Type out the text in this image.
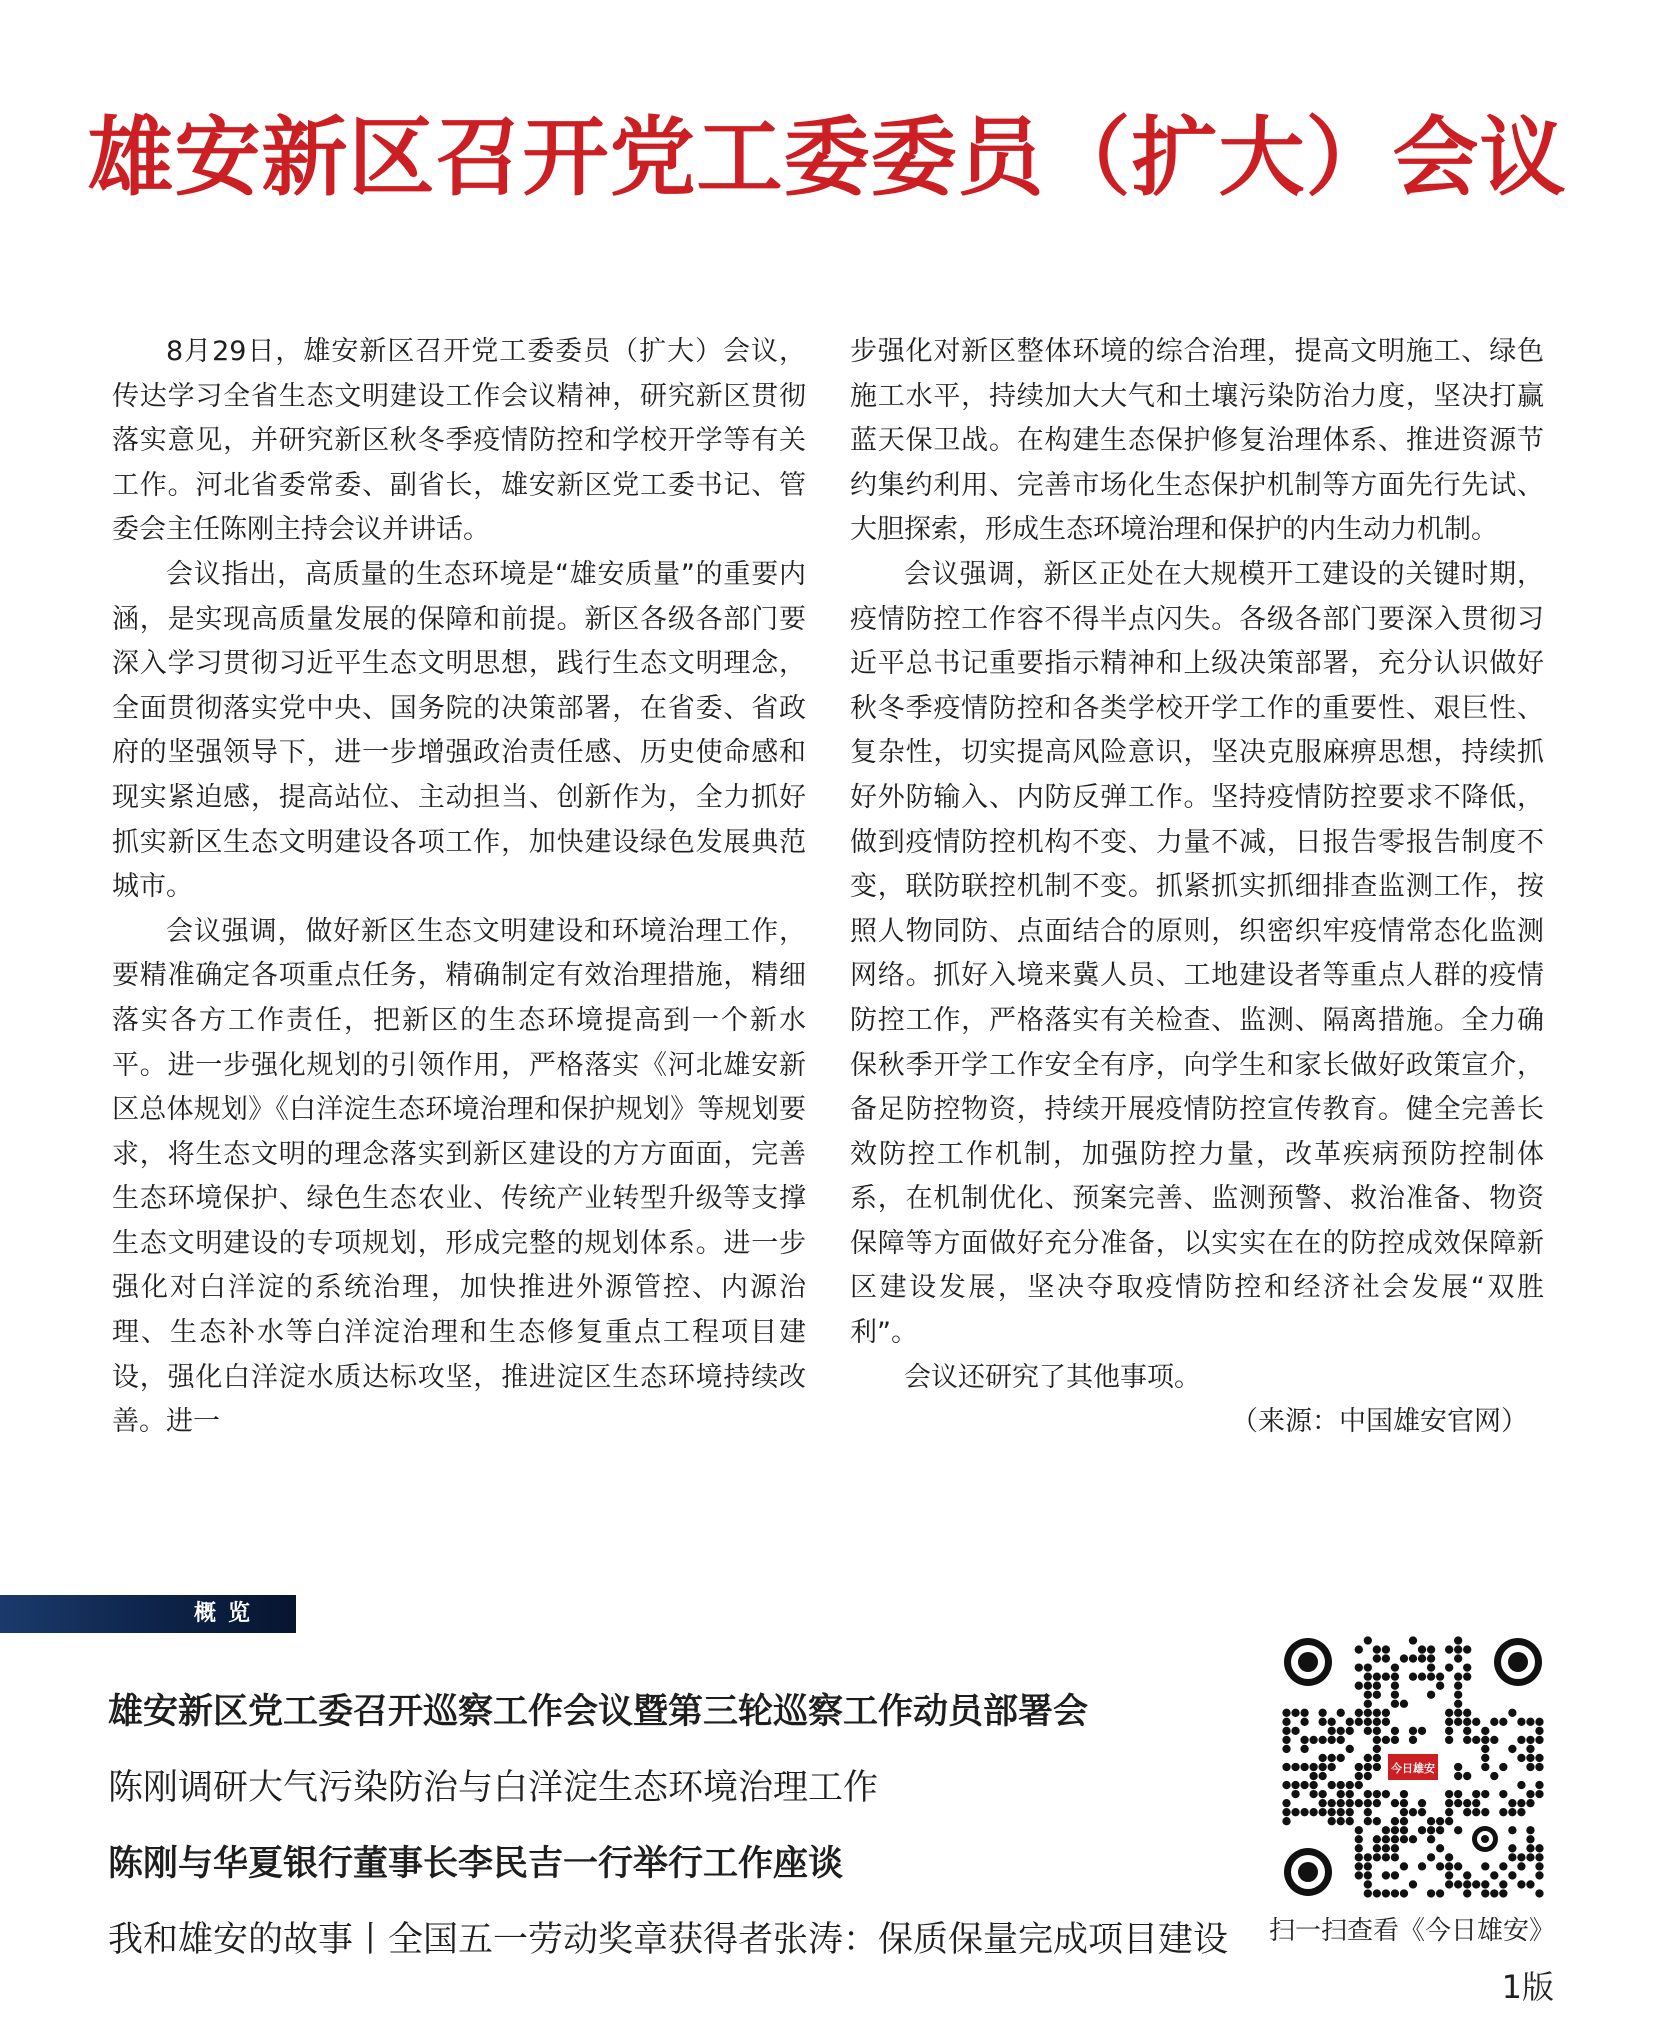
雄安新区召开党工委委员（扩大）会议

8月29日，雄安新区召开党工委委员（扩大）会议，传达学习全省生态文明建设工作会议精神，研究新区贯彻落实意见，并研究新区秋冬季疫情防控和学校开学等有关工作。河北省委常委、副省长，雄安新区党工委书记、管委会主任陈刚主持会议并讲话。

会议指出，高质量的生态环境是“雄安质量”的重要内涵，是实现高质量发展的保障和前提。新区各级各部门要深入学习贯彻习近平生态文明思想，践行生态文明理念，全面贯彻落实党中央、国务院的决策部署，在省委、省政府的坚强领导下，进一步增强政治责任感、历史使命感和现实紧迫感，提高站位、主动担当、创新作为，全力抓好抓实新区生态文明建设各项工作，加快建设绿色发展典范城市。

会议强调，做好新区生态文明建设和环境治理工作，要精准确定各项重点任务，精确制定有效治理措施，精细落实各方工作责任，把新区的生态环境提高到一个新水平。进一步强化规划的引领作用，严格落实《河北雄安新区总体规划》《白洋淀生态环境治理和保护规划》等规划要求，将生态文明的理念落实到新区建设的方方面面，完善生态环境保护、绿色生态农业、传统产业转型升级等支撑生态文明建设的专项规划，形成完整的规划体系。进一步强化对白洋淀的系统治理，加快推进外源管控、内源治理、生态补水等白洋淀治理和生态修复重点工程项目建设，强化白洋淀水质达标攻坚，推进淀区生态环境持续改善。进一

步强化对新区整体环境的综合治理，提高文明施工、绿色施工水平，持续加大大气和土壤污染防治力度，坚决打赢蓝天保卫战。在构建生态保护修复治理体系、推进资源节约集约利用、完善市场化生态保护机制等方面先行先试、大胆探索，形成生态环境治理和保护的内生动力机制。

会议强调，新区正处在大规模开工建设的关键时期，疫情防控工作容不得半点闪失。各级各部门要深入贯彻习近平总书记重要指示精神和上级决策部署，充分认识做好秋冬季疫情防控和各类学校开学工作的重要性、艰巨性、复杂性，切实提高风险意识，坚决克服麻痹思想，持续抓好外防输入、内防反弹工作。坚持疫情防控要求不降低，做到疫情防控机构不变、力量不减，日报告零报告制度不变，联防联控机制不变。抓紧抓实抓细排查监测工作，按照人物同防、点面结合的原则，织密织牢疫情常态化监测网络。抓好入境来冀人员、工地建设者等重点人群的疫情防控工作，严格落实有关检查、监测、隔离措施。全力确保秋季开学工作安全有序，向学生和家长做好政策宣介，备足防控物资，持续开展疫情防控宣传教育。健全完善长效防控工作机制，加强防控力量，改革疾病预防控制体系，在机制优化、预案完善、监测预警、救治准备、物资保障等方面做好充分准备，以实实在在的防控成效保障新区建设发展，坚决夺取疫情防控和经济社会发展“双胜利”。

会议还研究了其他事项。

（来源：中国雄安官网）

概览
雄安新区党工委召开巡察工作会议暨第三轮巡察工作动员部署会
陈刚调研大气污染防治与白洋淀生态环境治理工作
陈刚与华夏银行董事长李民吉一行举行工作座谈
我和雄安的故事丨全国五一劳动奖章获得者张涛：保质保量完成项目建设
今日雄安
扫一扫查看《今日雄安》
1版
